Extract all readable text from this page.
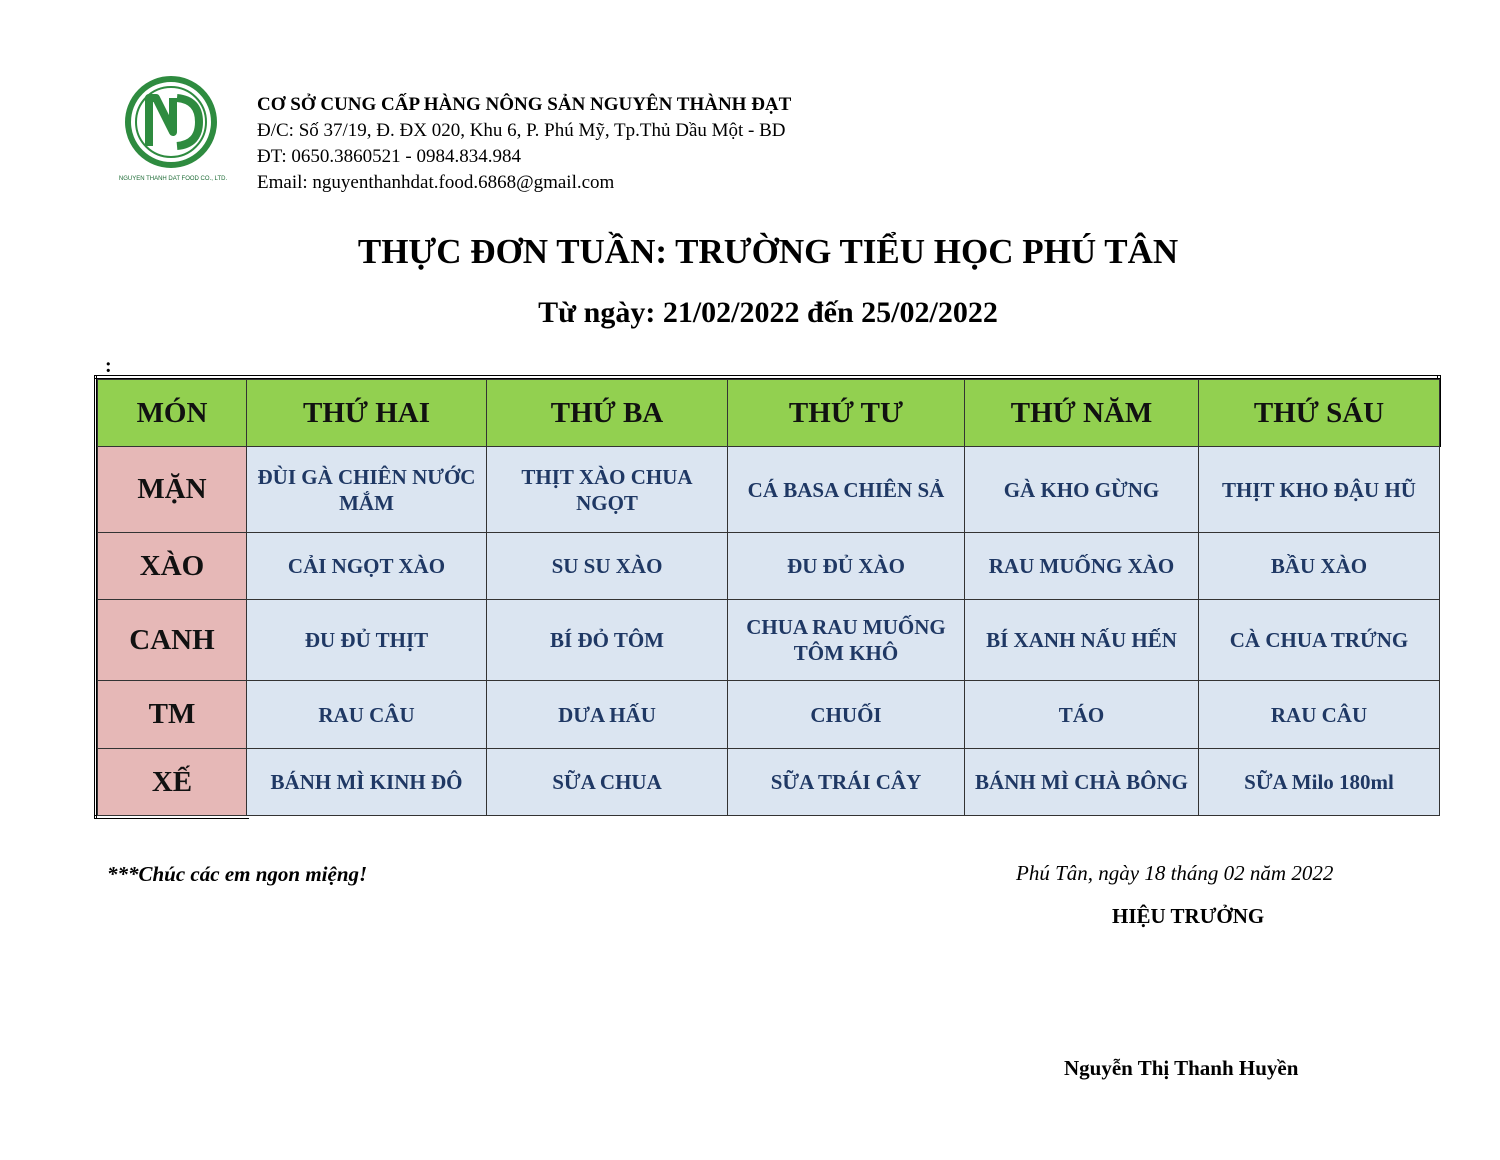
NGUYEN THANH DAT FOOD CO., LTD.
CƠ SỞ CUNG CẤP HÀNG NÔNG SẢN NGUYÊN THÀNH ĐẠT
Đ/C: Số 37/19, Đ. ĐX 020, Khu 6, P. Phú Mỹ, Tp.Thủ Dầu Một - BD
ĐT: 0650.3860521 - 0984.834.984
Email: nguyenthanhdat.food.6868@gmail.com
THỰC ĐƠN TUẦN: TRƯỜNG TIỂU HỌC PHÚ TÂN
Từ ngày: 21/02/2022 đến 25/02/2022
:
MÓN	THỨ HAI	THỨ BA	THỨ TƯ	THỨ NĂM	THỨ SÁU
MẶN	ĐÙI GÀ CHIÊN NƯỚC MẮM	THỊT XÀO CHUA NGỌT	CÁ BASA CHIÊN SẢ	GÀ KHO GỪNG	THỊT KHO ĐẬU HŨ
XÀO	CẢI NGỌT XÀO	SU SU XÀO	ĐU ĐỦ XÀO	RAU MUỐNG XÀO	BẦU XÀO
CANH	ĐU ĐỦ THỊT	BÍ ĐỎ TÔM	CHUA RAU MUỐNG TÔM KHÔ	BÍ XANH NẤU HẾN	CÀ CHUA TRỨNG
TM	RAU CÂU	DƯA HẤU	CHUỐI	TÁO	RAU CÂU
XẾ	BÁNH MÌ KINH ĐÔ	SỮA CHUA	SỮA TRÁI CÂY	BÁNH MÌ CHÀ BÔNG	SỮA Milo 180ml
***Chúc các em ngon miệng!	Phú Tân, ngày 18 tháng 02 năm 2022
HIỆU TRƯỞNG
Nguyễn Thị Thanh Huyền
